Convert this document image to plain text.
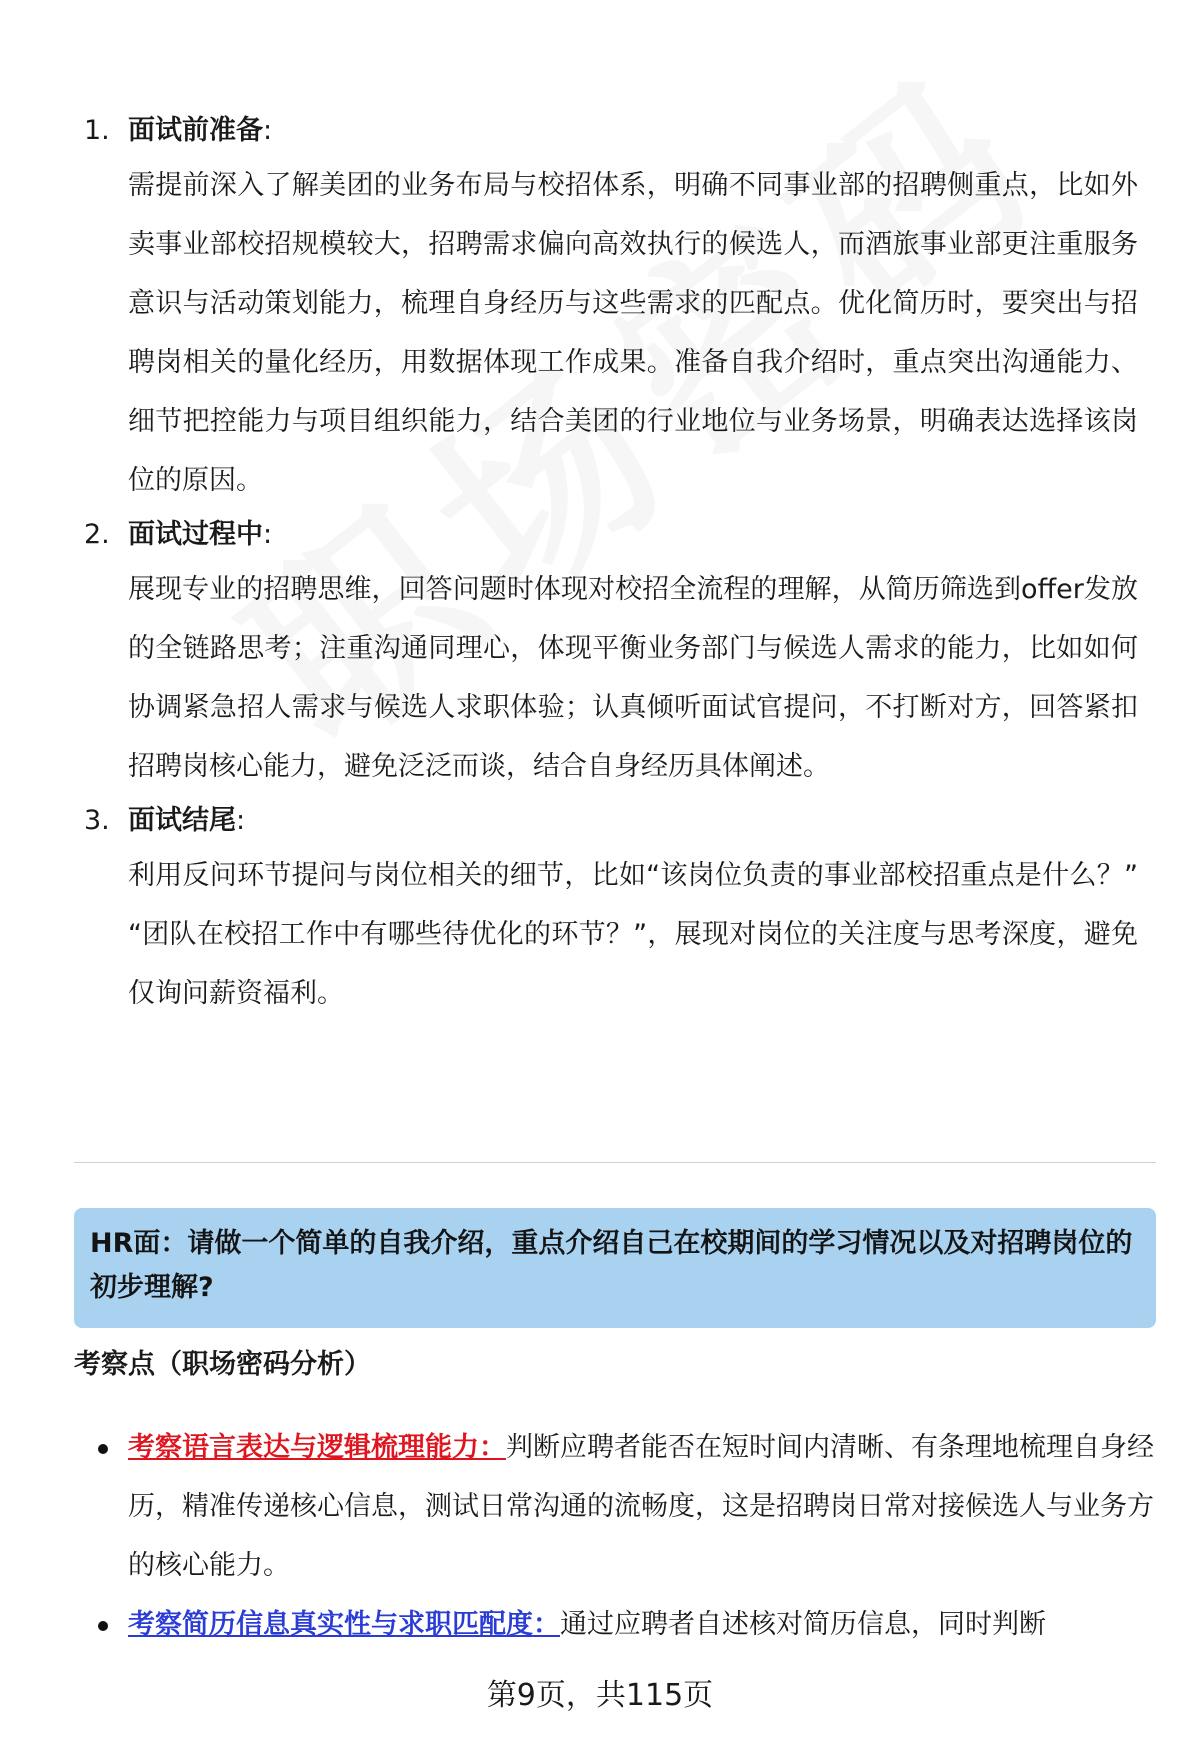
1. 面试前准备:

需提前深入了解美团的业务布局与校招体系，明确不同事业部的招聘侧重点，比如外卖事业部校招规模较大，招聘需求偏向高效执行的候选人，而酒旅事业部更注重服务意识与活动策划能力，梳理自身经历与这些需求的匹配点。优化简历时，要突出与招聘岗相关的量化经历，用数据体现工作成果。准备自我介绍时，重点突出沟通能力、细节把控能力与项目组织能力，结合美团的行业地位与业务场景，明确表达选择该岗位的原因。

2. 面试过程中:

展现专业的招聘思维，回答问题时体现对校招全流程的理解，从简历筛选到offer发放的全链路思考；注重沟通同理心，体现平衡业务部门与候选人需求的能力，比如如何协调紧急招人需求与候选人求职体验；认真倾听面试官提问，不打断对方，回答紧扣招聘岗核心能力，避免泛泛而谈，结合自身经历具体阐述。

3. 面试结尾:

利用反问环节提问与岗位相关的细节，比如“该岗位负责的事业部校招重点是什么？” “团队在校招工作中有哪些待优化的环节？”，展现对岗位的关注度与思考深度，避免仅询问薪资福利。

HR面：请做一个简单的自我介绍，重点介绍自己在校期间的学习情况以及对招聘岗位的初步理解?
考察点（职场密码分析）

考察语言表达与逻辑梳理能力：判断应聘者能否在短时间内清晰、有条理地梳理自身经历，精准传递核心信息，测试日常沟通的流畅度，这是招聘岗日常对接候选人与业务方的核心能力。

考察简历信息真实性与求职匹配度：通过应聘者自述核对简历信息，同时判断

第9页，共115页
